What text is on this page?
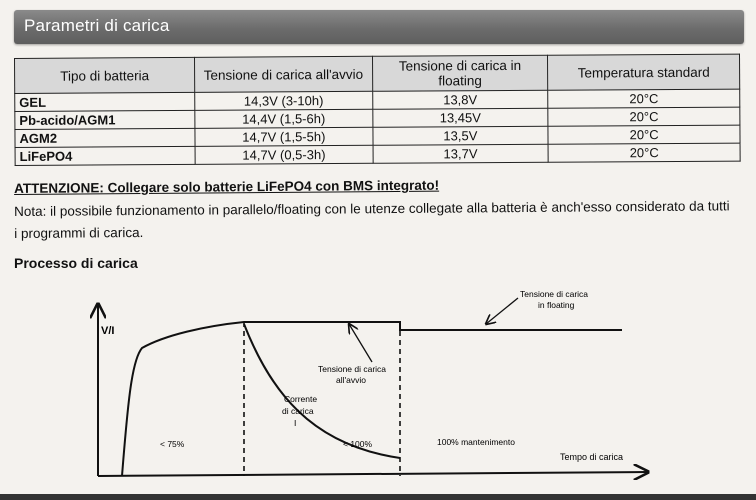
Parametri di carica
Tipo di batteria	Tensione di carica all'avvio	Tensione di carica in floating	Temperatura standard
GEL	14,3V (3-10h)	13,8V	20°C
Pb-acido/AGM1	14,4V (1,5-6h)	13,45V	20°C
AGM2	14,7V (1,5-5h)	13,5V	20°C
LiFePO4	14,7V (0,5-3h)	13,7V	20°C
ATTENZIONE: Collegare solo batterie LiFePO4 con BMS integrato!
Nota: il possibile funzionamento in parallelo/floating con le utenze collegate alla batteria è anch'esso considerato da tutti i programmi di carica.
Processo di carica
V/I
Tempo di carica
Tensione di carica
in floating
Tensione di carica
all'avvio
Corrente
di carica
I
< 75%	< 100%	100% mantenimento
